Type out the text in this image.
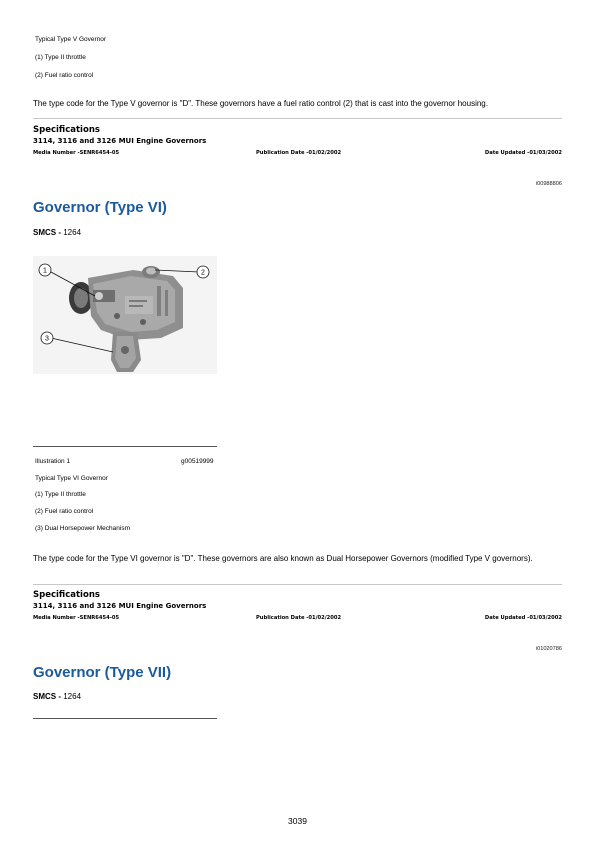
Typical Type V Governor
(1) Type II throttle
(2) Fuel ratio control
The type code for the Type V governor is "D". These governors have a fuel ratio control (2) that is cast into the governor housing.
Specifications
3114, 3116 and 3126 MUI Engine Governors
Media Number -SENR6454-05	Publication Date -01/02/2002	Date Updated -01/03/2002
i00988806
Governor (Type VI)
SMCS - 1264
1	2
3
Illustration 1	g00519999
Typical Type VI Governor
(1) Type II throttle
(2) Fuel ratio control
(3) Dual Horsepower Mechanism
The type code for the Type VI governor is "D". These governors are also known as Dual Horsepower Governors (modified Type V governors).
Specifications
3114, 3116 and 3126 MUI Engine Governors
Media Number -SENR6454-05	Publication Date -01/02/2002	Date Updated -01/03/2002
i01020786
Governor (Type VII)
SMCS - 1264
3039
